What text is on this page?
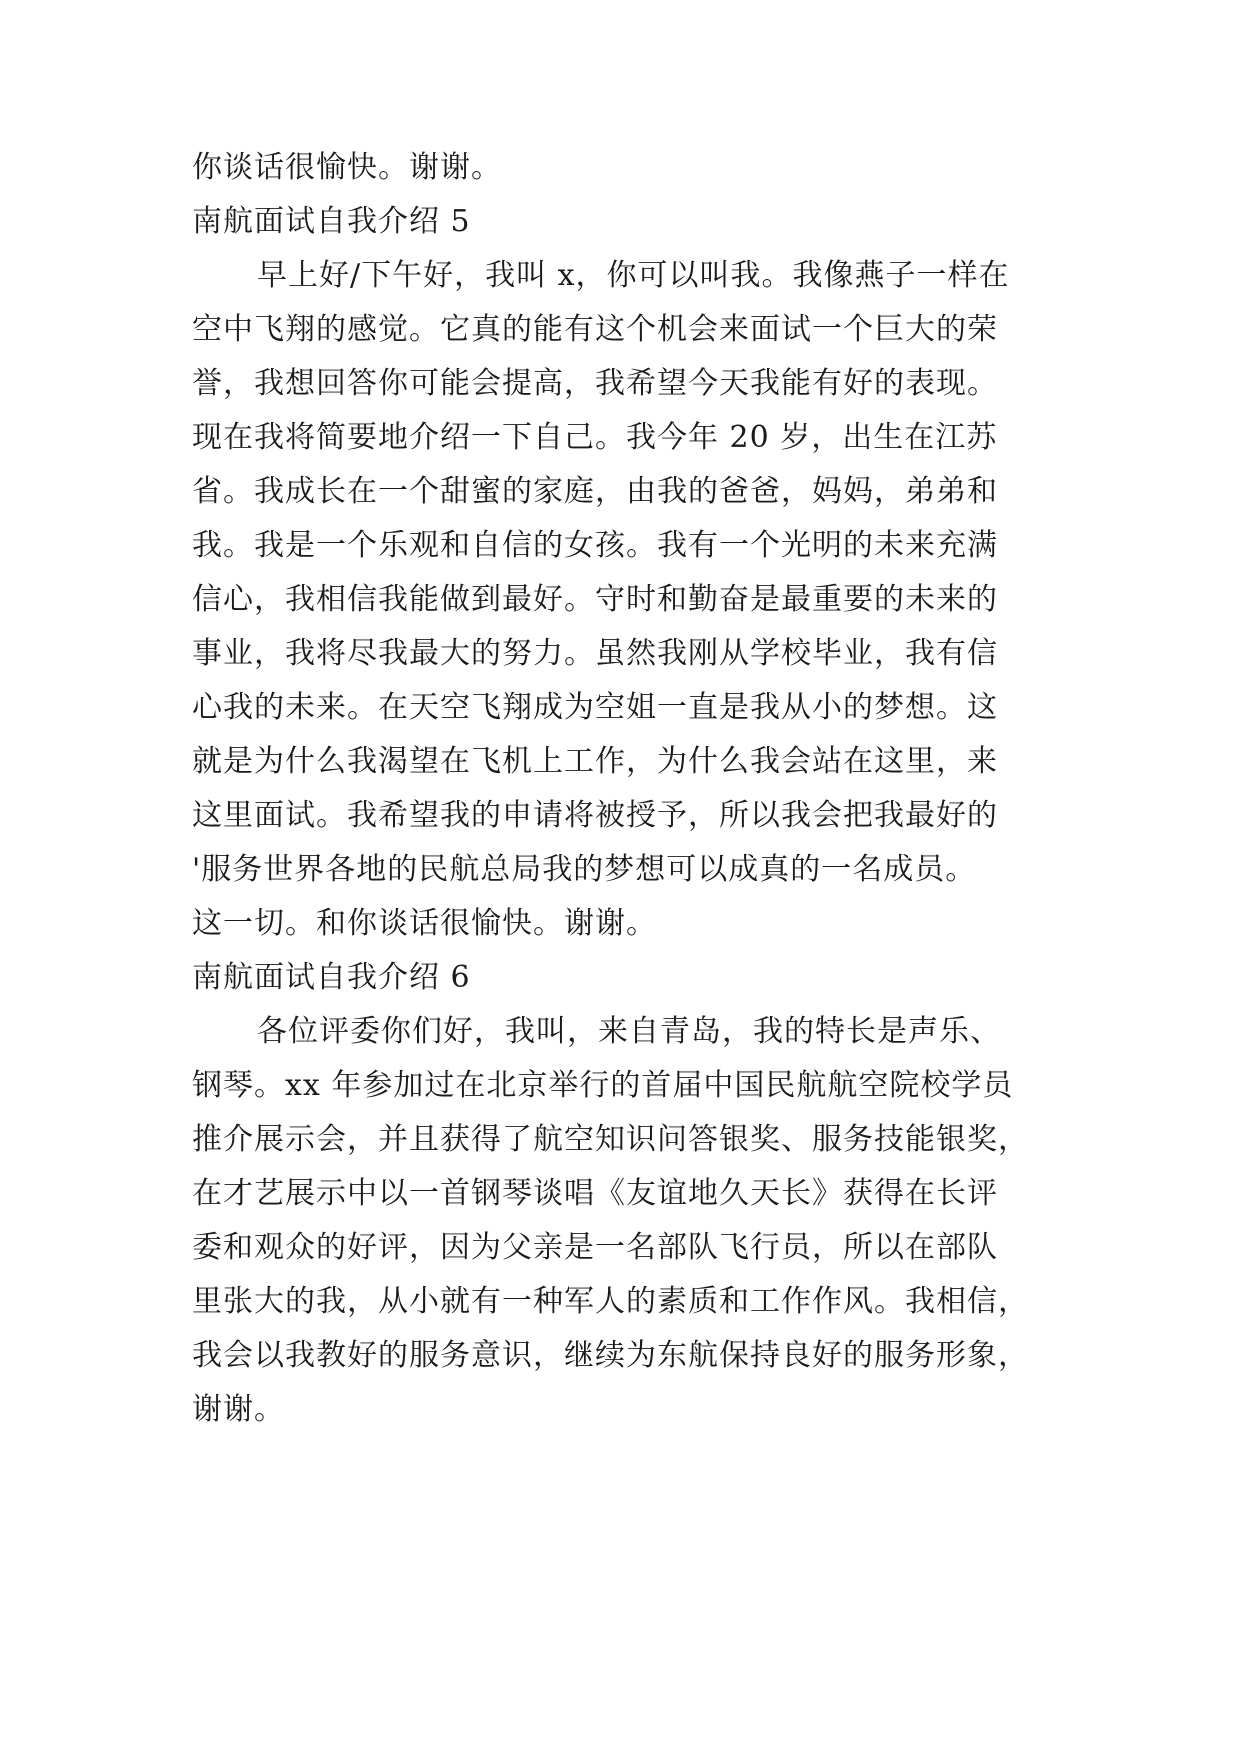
你谈话很愉快。谢谢。
南航面试自我介绍 5
早上好/下午好，我叫 x，你可以叫我。我像燕子一样在
空中飞翔的感觉。它真的能有这个机会来面试一个巨大的荣
誉，我想回答你可能会提高，我希望今天我能有好的表现。
现在我将简要地介绍一下自己。我今年 20 岁，出生在江苏
省。我成长在一个甜蜜的家庭，由我的爸爸，妈妈，弟弟和
我。我是一个乐观和自信的女孩。我有一个光明的未来充满
信心，我相信我能做到最好。守时和勤奋是最重要的未来的
事业，我将尽我最大的努力。虽然我刚从学校毕业，我有信
心我的未来。在天空飞翔成为空姐一直是我从小的梦想。这
就是为什么我渴望在飞机上工作，为什么我会站在这里，来
这里面试。我希望我的申请将被授予，所以我会把我最好的
'服务世界各地的民航总局我的梦想可以成真的一名成员。
这一切。和你谈话很愉快。谢谢。
南航面试自我介绍 6
各位评委你们好，我叫，来自青岛，我的特长是声乐、
钢琴。xx 年参加过在北京举行的首届中国民航航空院校学员
推介展示会，并且获得了航空知识问答银奖、服务技能银奖，
在才艺展示中以一首钢琴谈唱《友谊地久天长》获得在长评
委和观众的好评，因为父亲是一名部队飞行员，所以在部队
里张大的我，从小就有一种军人的素质和工作作风。我相信，
我会以我教好的服务意识，继续为东航保持良好的服务形象，
谢谢。
